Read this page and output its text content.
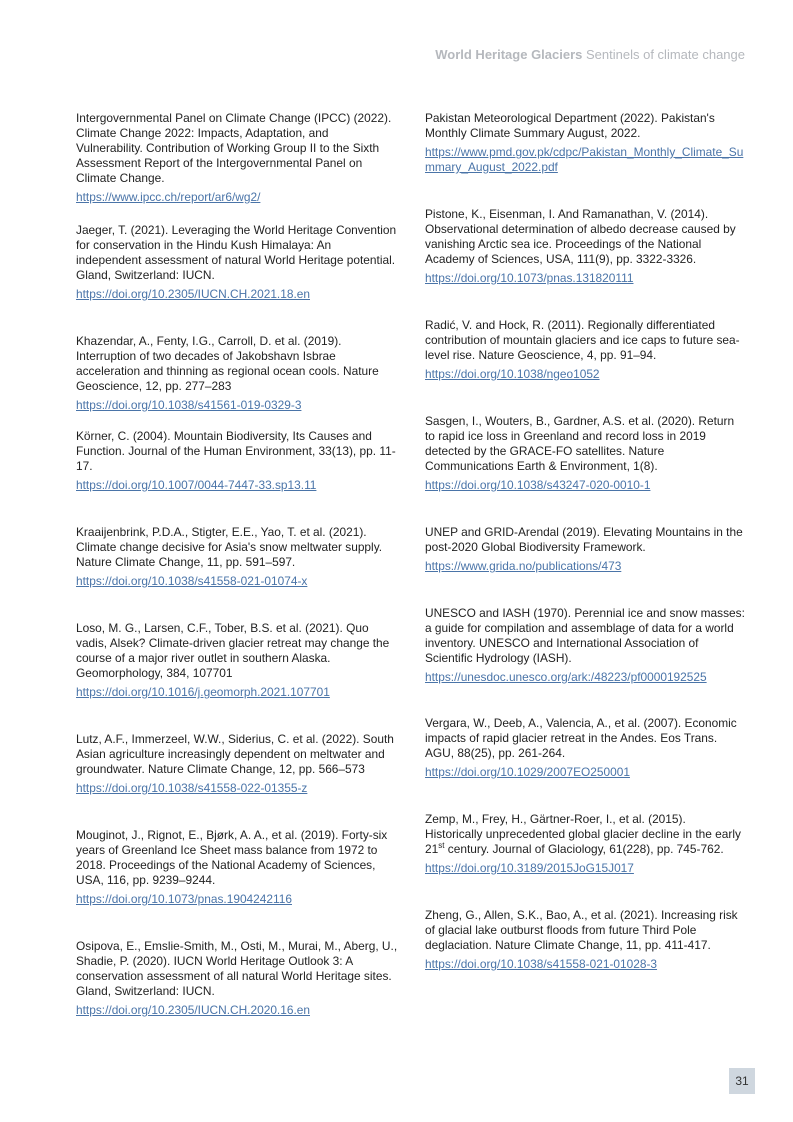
World Heritage Glaciers Sentinels of climate change

Intergovernmental Panel on Climate Change (IPCC) (2022). Climate Change 2022: Impacts, Adaptation, and Vulnerability. Contribution of Working Group II to the Sixth Assessment Report of the Intergovernmental Panel on Climate Change.

https://www.ipcc.ch/report/ar6/wg2/

Jaeger, T. (2021). Leveraging the World Heritage Convention for conservation in the Hindu Kush Himalaya: An independent assessment of natural World Heritage potential. Gland, Switzerland: IUCN.

https://doi.org/10.2305/IUCN.CH.2021.18.en

Khazendar, A., Fenty, I.G., Carroll, D. et al. (2019). Interruption of two decades of Jakobshavn Isbrae acceleration and thinning as regional ocean cools. Nature Geoscience, 12, pp. 277–283

https://doi.org/10.1038/s41561-019-0329-3

Körner, C. (2004). Mountain Biodiversity, Its Causes and Function. Journal of the Human Environment, 33(13), pp. 11-17.

https://doi.org/10.1007/0044-7447-33.sp13.11

Kraaijenbrink, P.D.A., Stigter, E.E., Yao, T. et al. (2021). Climate change decisive for Asia's snow meltwater supply. Nature Climate Change, 11, pp. 591–597.

https://doi.org/10.1038/s41558-021-01074-x

Loso, M. G., Larsen, C.F., Tober, B.S. et al. (2021). Quo vadis, Alsek? Climate-driven glacier retreat may change the course of a major river outlet in southern Alaska. Geomorphology, 384, 107701

https://doi.org/10.1016/j.geomorph.2021.107701

Lutz, A.F., Immerzeel, W.W., Siderius, C. et al. (2022). South Asian agriculture increasingly dependent on meltwater and groundwater. Nature Climate Change, 12, pp. 566–573

https://doi.org/10.1038/s41558-022-01355-z

Mouginot, J., Rignot, E., Bjørk, A. A., et al. (2019). Forty-six years of Greenland Ice Sheet mass balance from 1972 to 2018. Proceedings of the National Academy of Sciences, USA, 116, pp. 9239–9244.

https://doi.org/10.1073/pnas.1904242116

Osipova, E., Emslie-Smith, M., Osti, M., Murai, M., Aberg, U., Shadie, P. (2020). IUCN World Heritage Outlook 3: A conservation assessment of all natural World Heritage sites. Gland, Switzerland: IUCN.

https://doi.org/10.2305/IUCN.CH.2020.16.en

Pakistan Meteorological Department (2022). Pakistan's Monthly Climate Summary August, 2022.

https://www.pmd.gov.pk/cdpc/Pakistan_Monthly_Climate_Summary_August_2022.pdf

Pistone, K., Eisenman, I. And Ramanathan, V. (2014). Observational determination of albedo decrease caused by vanishing Arctic sea ice. Proceedings of the National Academy of Sciences, USA, 111(9), pp. 3322-3326.

https://doi.org/10.1073/pnas.131820111

Radić, V. and Hock, R. (2011). Regionally differentiated contribution of mountain glaciers and ice caps to future sea-level rise. Nature Geoscience, 4, pp. 91–94.

https://doi.org/10.1038/ngeo1052

Sasgen, I., Wouters, B., Gardner, A.S. et al. (2020). Return to rapid ice loss in Greenland and record loss in 2019 detected by the GRACE-FO satellites. Nature Communications Earth & Environment, 1(8).

https://doi.org/10.1038/s43247-020-0010-1

UNEP and GRID-Arendal (2019). Elevating Mountains in the post-2020 Global Biodiversity Framework.

https://www.grida.no/publications/473

UNESCO and IASH (1970). Perennial ice and snow masses: a guide for compilation and assemblage of data for a world inventory. UNESCO and International Association of Scientific Hydrology (IASH).

https://unesdoc.unesco.org/ark:/48223/pf0000192525

Vergara, W., Deeb, A., Valencia, A., et al. (2007). Economic impacts of rapid glacier retreat in the Andes. Eos Trans. AGU, 88(25), pp. 261-264.

https://doi.org/10.1029/2007EO250001

Zemp, M., Frey, H., Gärtner-Roer, I., et al. (2015). Historically unprecedented global glacier decline in the early 21st century. Journal of Glaciology, 61(228), pp. 745-762.

https://doi.org/10.3189/2015JoG15J017

Zheng, G., Allen, S.K., Bao, A., et al. (2021). Increasing risk of glacial lake outburst floods from future Third Pole deglaciation. Nature Climate Change, 11, pp. 411-417.

https://doi.org/10.1038/s41558-021-01028-3
31
